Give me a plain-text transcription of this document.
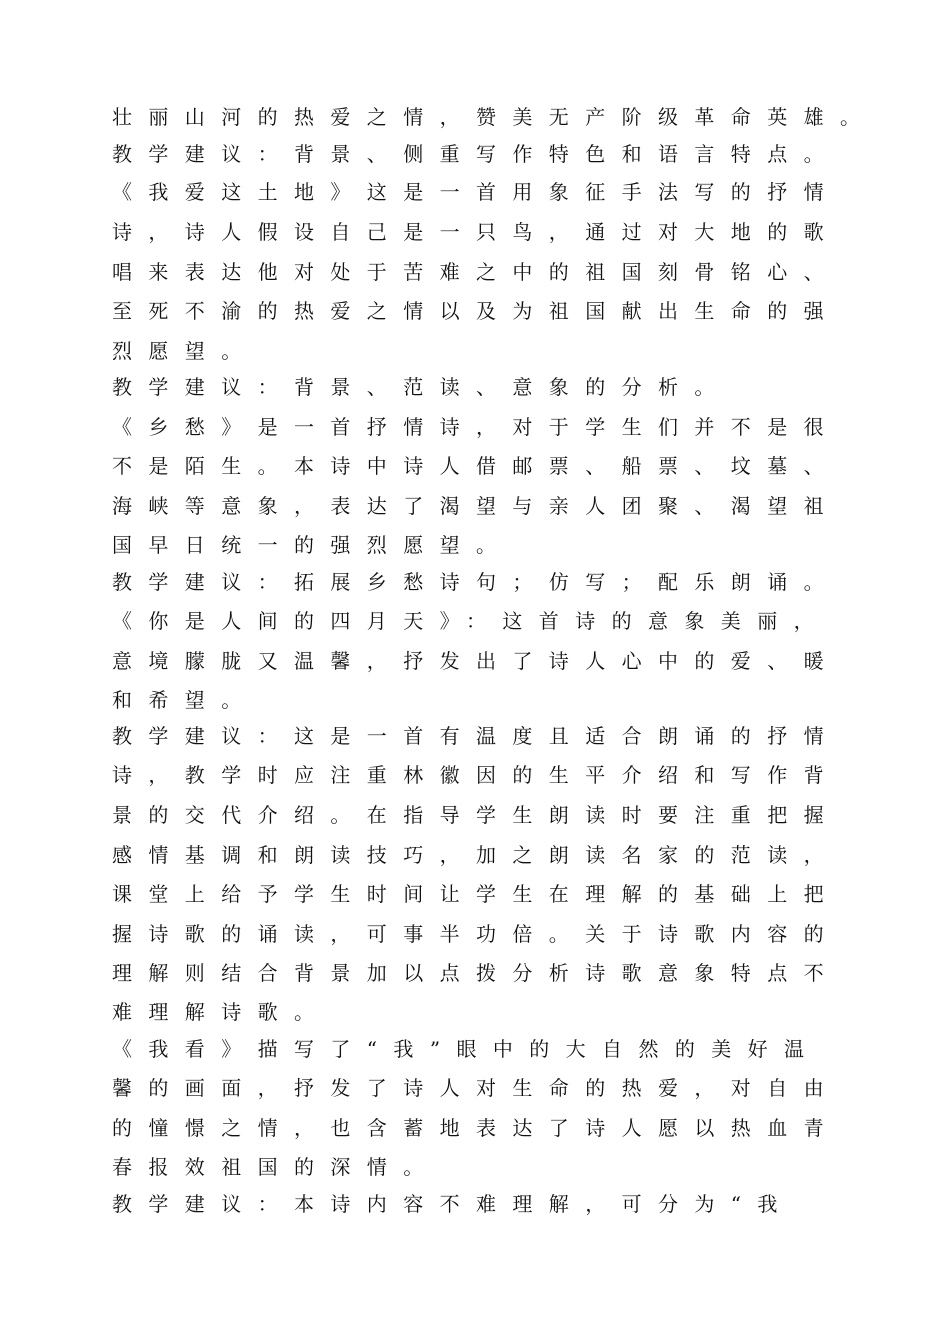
壮丽山河的热爱之情，赞美无产阶级革命英雄。
教学建议：背景、侧重写作特色和语言特点。
《我爱这土地》这是一首用象征手法写的抒情
诗，诗人假设自己是一只鸟，通过对大地的歌
唱来表达他对处于苦难之中的祖国刻骨铭心、
至死不渝的热爱之情以及为祖国献出生命的强
烈愿望。
教学建议：背景、范读、意象的分析。
《乡愁》是一首抒情诗，对于学生们并不是很
不是陌生。本诗中诗人借邮票、船票、坟墓、
海峡等意象，表达了渴望与亲人团聚、渴望祖
国早日统一的强烈愿望。
教学建议：拓展乡愁诗句；仿写；配乐朗诵。
《你是人间的四月天》：这首诗的意象美丽，
意境朦胧又温馨，抒发出了诗人心中的爱、暖
和希望。
教学建议：这是一首有温度且适合朗诵的抒情
诗，教学时应注重林徽因的生平介绍和写作背
景的交代介绍。在指导学生朗读时要注重把握
感情基调和朗读技巧，加之朗读名家的范读，
课堂上给予学生时间让学生在理解的基础上把
握诗歌的诵读，可事半功倍。关于诗歌内容的
理解则结合背景加以点拨分析诗歌意象特点不
难理解诗歌。
《我看》描写了“我”眼中的大自然的美好温
馨的画面，抒发了诗人对生命的热爱，对自由
的憧憬之情，也含蓄地表达了诗人愿以热血青
春报效祖国的深情。
教学建议：本诗内容不难理解，可分为“我
